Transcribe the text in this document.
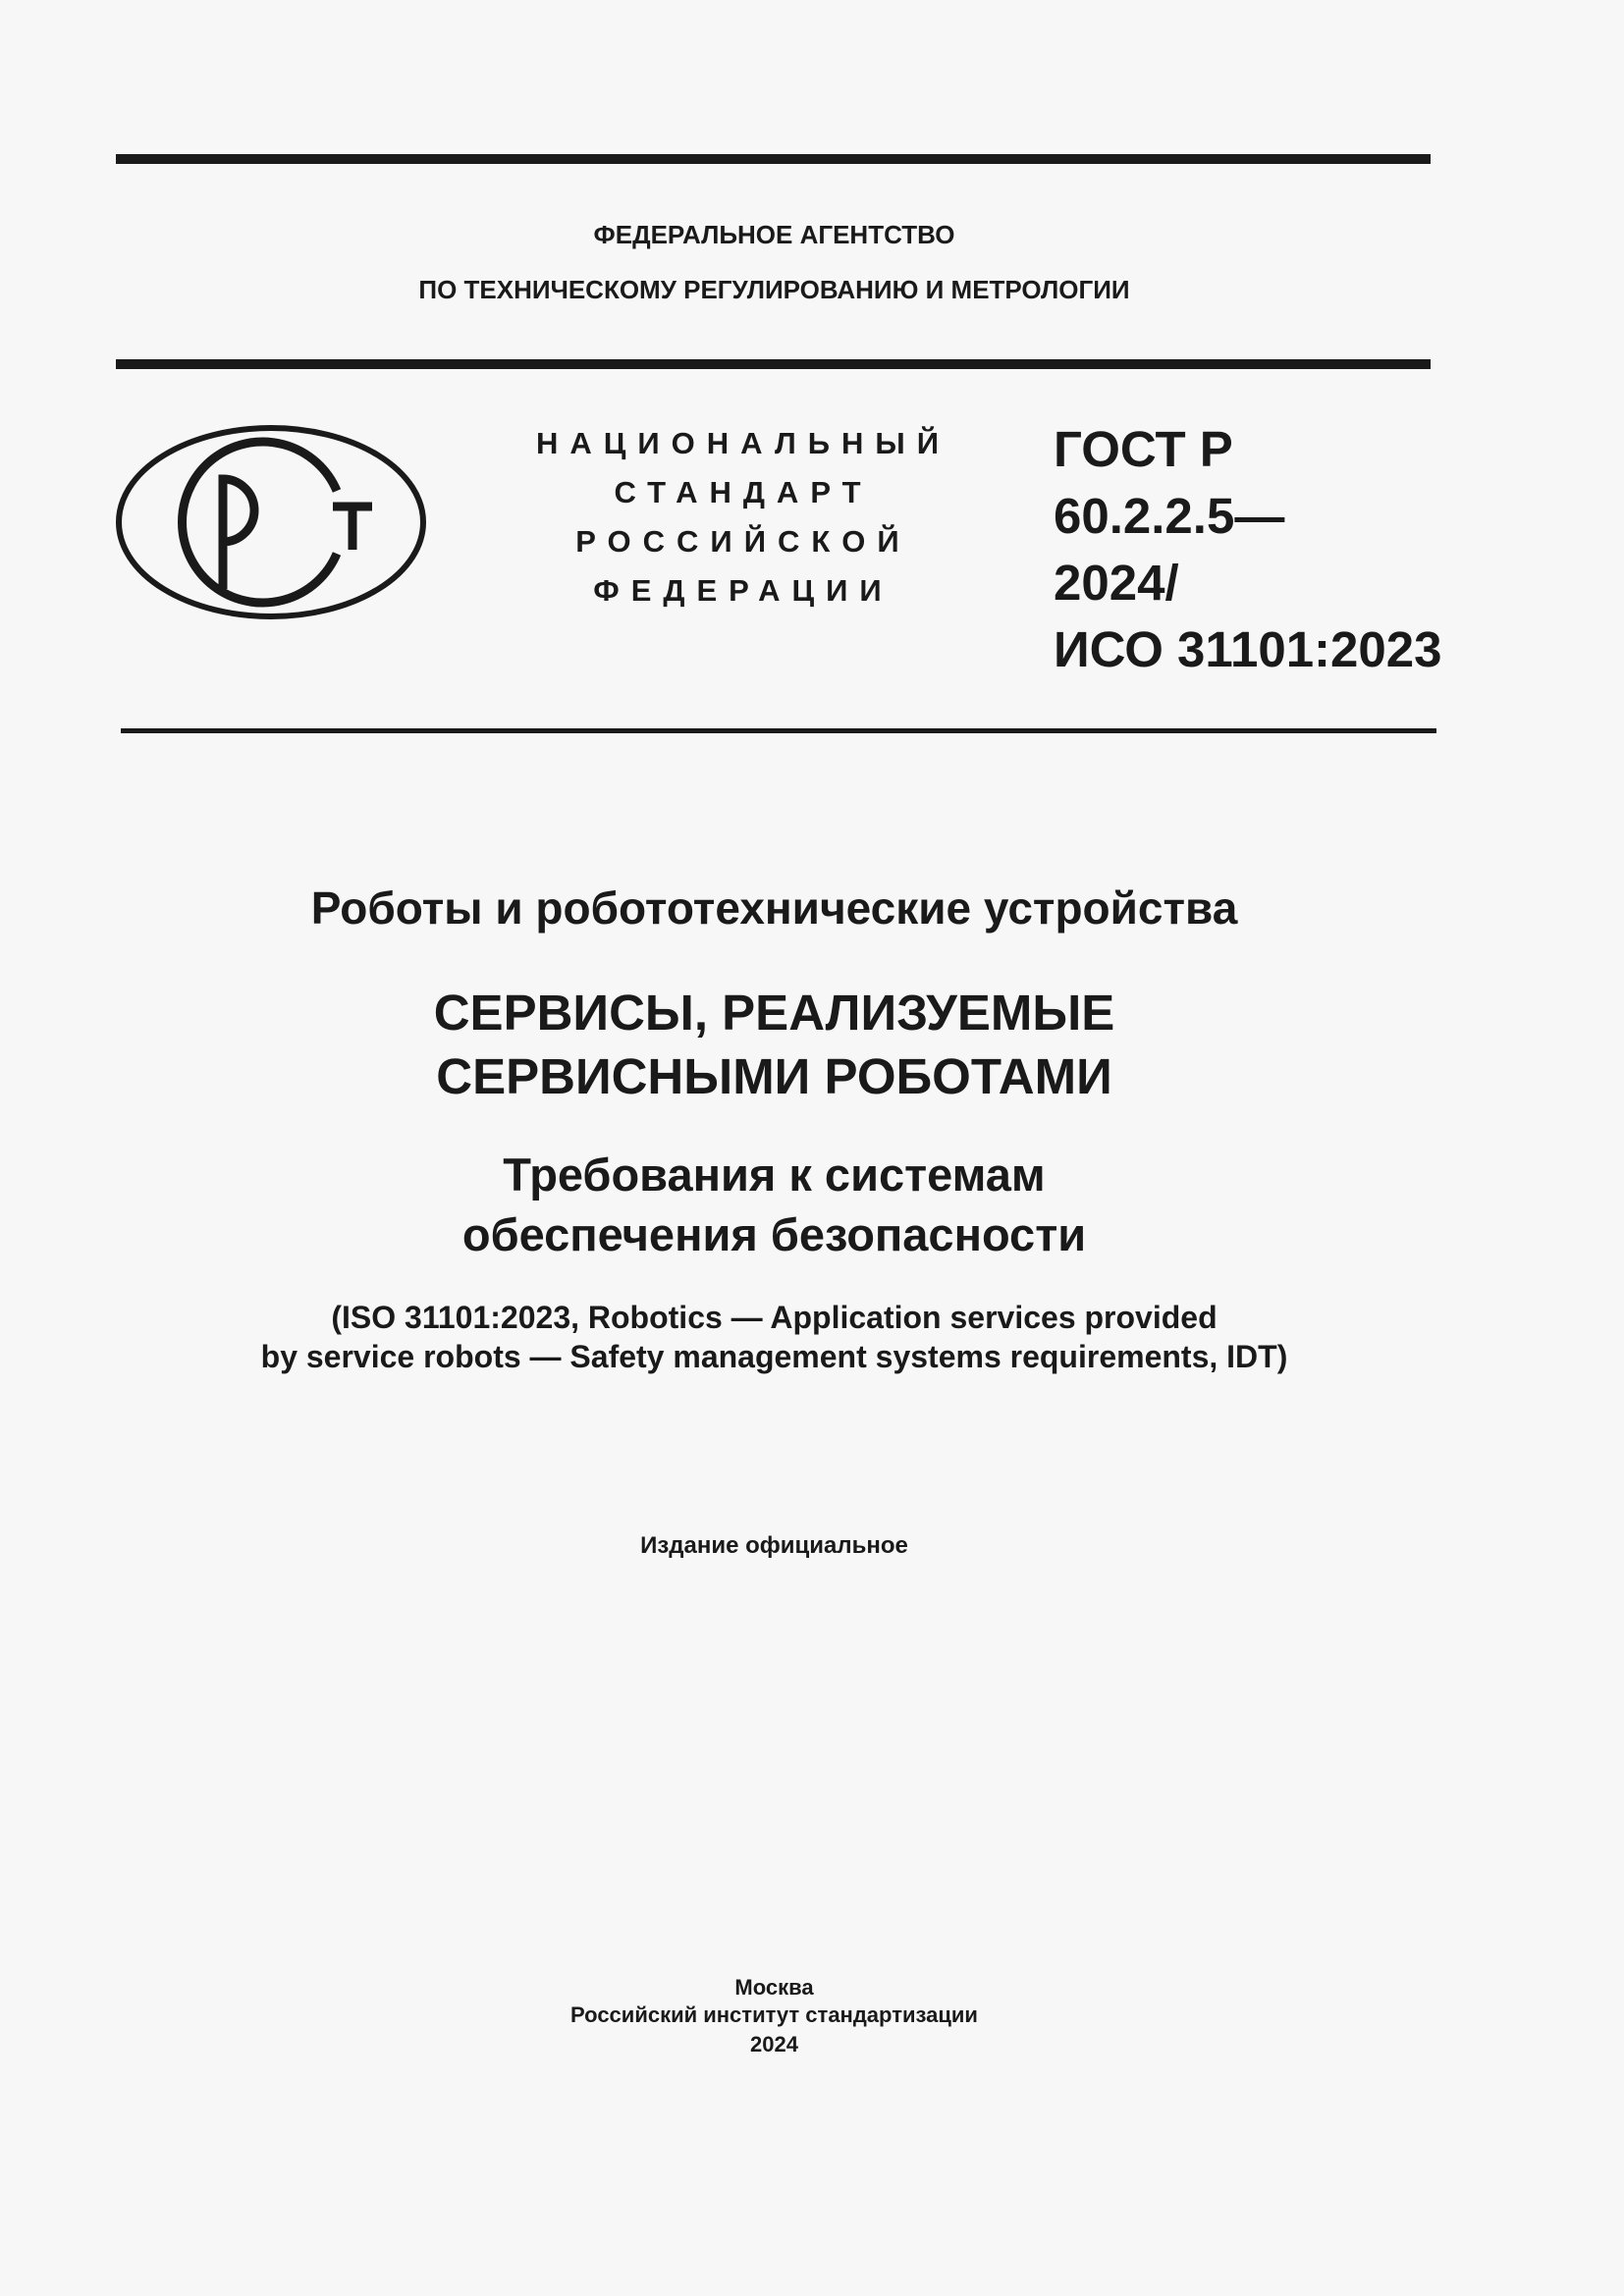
ФЕДЕРАЛЬНОЕ АГЕНТСТВО
ПО ТЕХНИЧЕСКОМУ РЕГУЛИРОВАНИЮ И МЕТРОЛОГИИ
НАЦИОНАЛЬНЫЙ
СТАНДАРТ
РОССИЙСКОЙ
ФЕДЕРАЦИИ
ГОСТ Р
60.2.2.5—
2024/
ИСО 31101:2023
Роботы и робототехнические устройства
СЕРВИСЫ, РЕАЛИЗУЕМЫЕ
СЕРВИСНЫМИ РОБОТАМИ
Требования к системам
обеспечения безопасности
(ISO 31101:2023, Robotics — Application services provided
by service robots — Safety management systems requirements, IDT)
Издание официальное
Москва
Российский институт стандартизации
2024
